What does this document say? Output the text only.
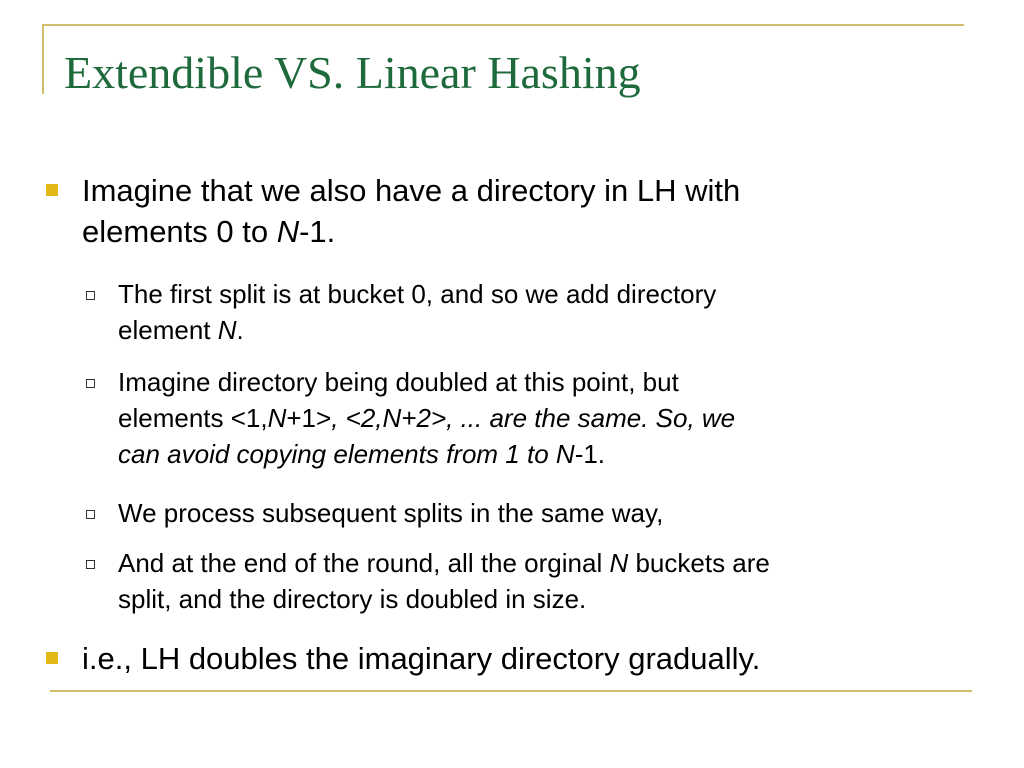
Extendible VS. Linear Hashing
Imagine that we also have a directory in LH with
elements 0 to N-1.
The first split is at bucket 0, and so we add directory
element N.
Imagine directory being doubled at this point, but
elements <1,N+1>, <2,N+2>, ... are the same. So, we
can avoid copying elements from 1 to N-1.
We process subsequent splits in the same way,
And at the end of the round, all the orginal N buckets are
split, and the directory is doubled in size.
i.e., LH doubles the imaginary directory gradually.
